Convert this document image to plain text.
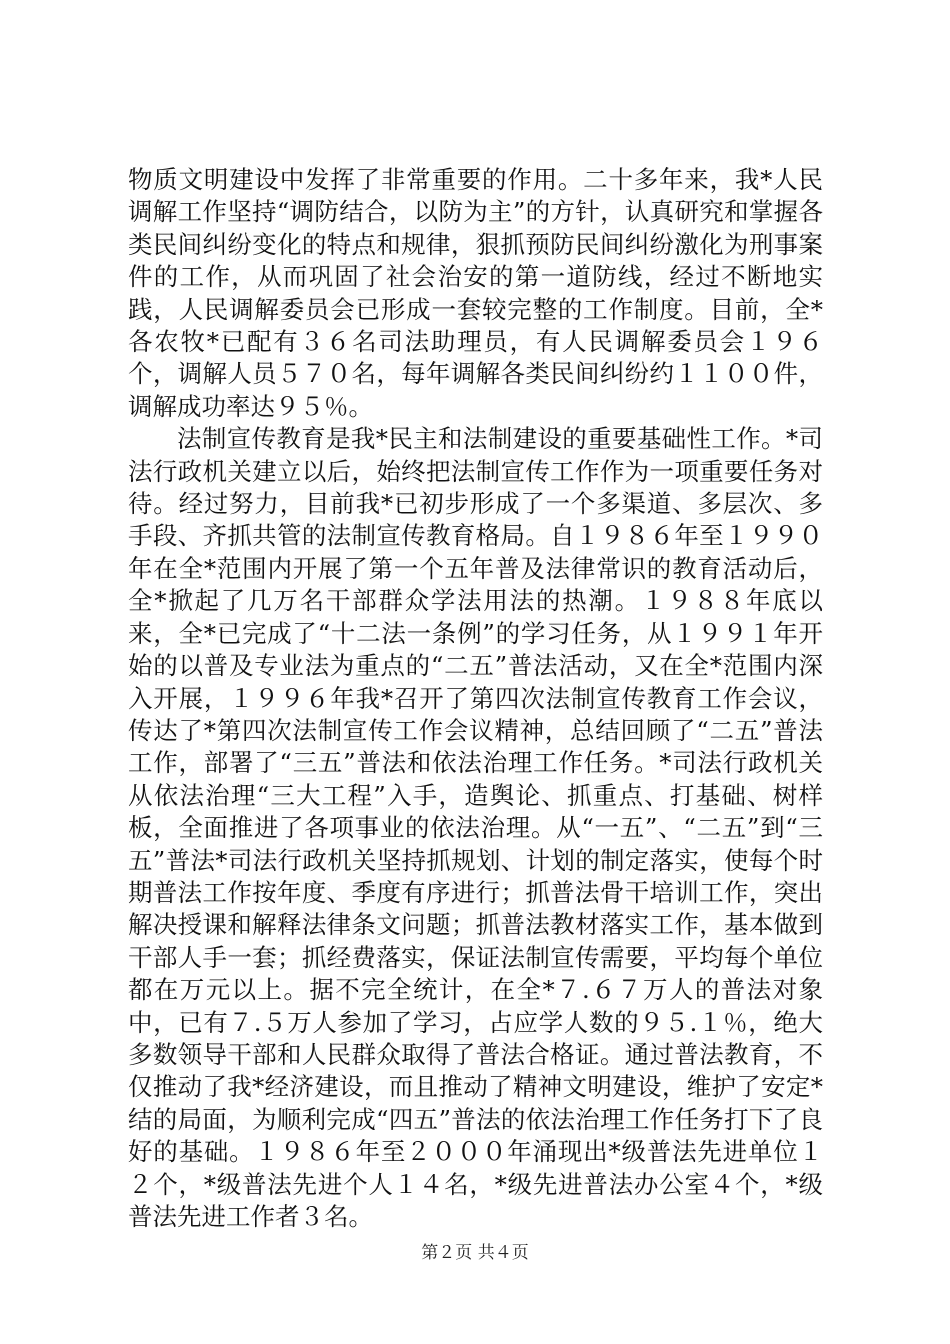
物质文明建设中发挥了非常重要的作用。二十多年来，我*人民调解工作坚持“调防结合，以防为主”的方针，认真研究和掌握各类民间纠纷变化的特点和规律，狠抓预防民间纠纷激化为刑事案件的工作，从而巩固了社会治安的第一道防线，经过不断地实践，人民调解委员会已形成一套较完整的工作制度。目前，全*各农牧*已配有３６名司法助理员，有人民调解委员会１９６个，调解人员５７０名，每年调解各类民间纠纷约１１００件，调解成功率达９５％。

法制宣传教育是我*民主和法制建设的重要基础性工作。*司法行政机关建立以后，始终把法制宣传工作作为一项重要任务对待。经过努力，目前我*已初步形成了一个多渠道、多层次、多手段、齐抓共管的法制宣传教育格局。自１９８６年至１９９０年在全*范围内开展了第一个五年普及法律常识的教育活动后，全*掀起了几万名干部群众学法用法的热潮。１９８８年底以来，全*已完成了“十二法一条例”的学习任务，从１９９１年开始的以普及专业法为重点的“二五”普法活动，又在全*范围内深入开展，１９９６年我*召开了第四次法制宣传教育工作会议，传达了*第四次法制宣传工作会议精神，总结回顾了“二五”普法工作，部署了“三五”普法和依法治理工作任务。*司法行政机关从依法治理“三大工程”入手，造舆论、抓重点、打基础、树样板，全面推进了各项事业的依法治理。从“一五”、“二五”到“三五”普法*司法行政机关坚持抓规划、计划的制定落实，使每个时期普法工作按年度、季度有序进行；抓普法骨干培训工作，突出解决授课和解释法律条文问题；抓普法教材落实工作，基本做到干部人手一套；抓经费落实，保证法制宣传需要，平均每个单位都在万元以上。据不完全统计，在全*７.６７万人的普法对象中，已有７.５万人参加了学习，占应学人数的９５.１％，绝大多数领导干部和人民群众取得了普法合格证。通过普法教育，不仅推动了我*经济建设，而且推动了精神文明建设，维护了安定*结的局面，为顺利完成“四五”普法的依法治理工作任务打下了良好的基础。１９８６年至２０００年涌现出*级普法先进单位１２个，*级普法先进个人１４名，*级先进普法办公室４个，*级普法先进工作者３名。

第２页 共４页
